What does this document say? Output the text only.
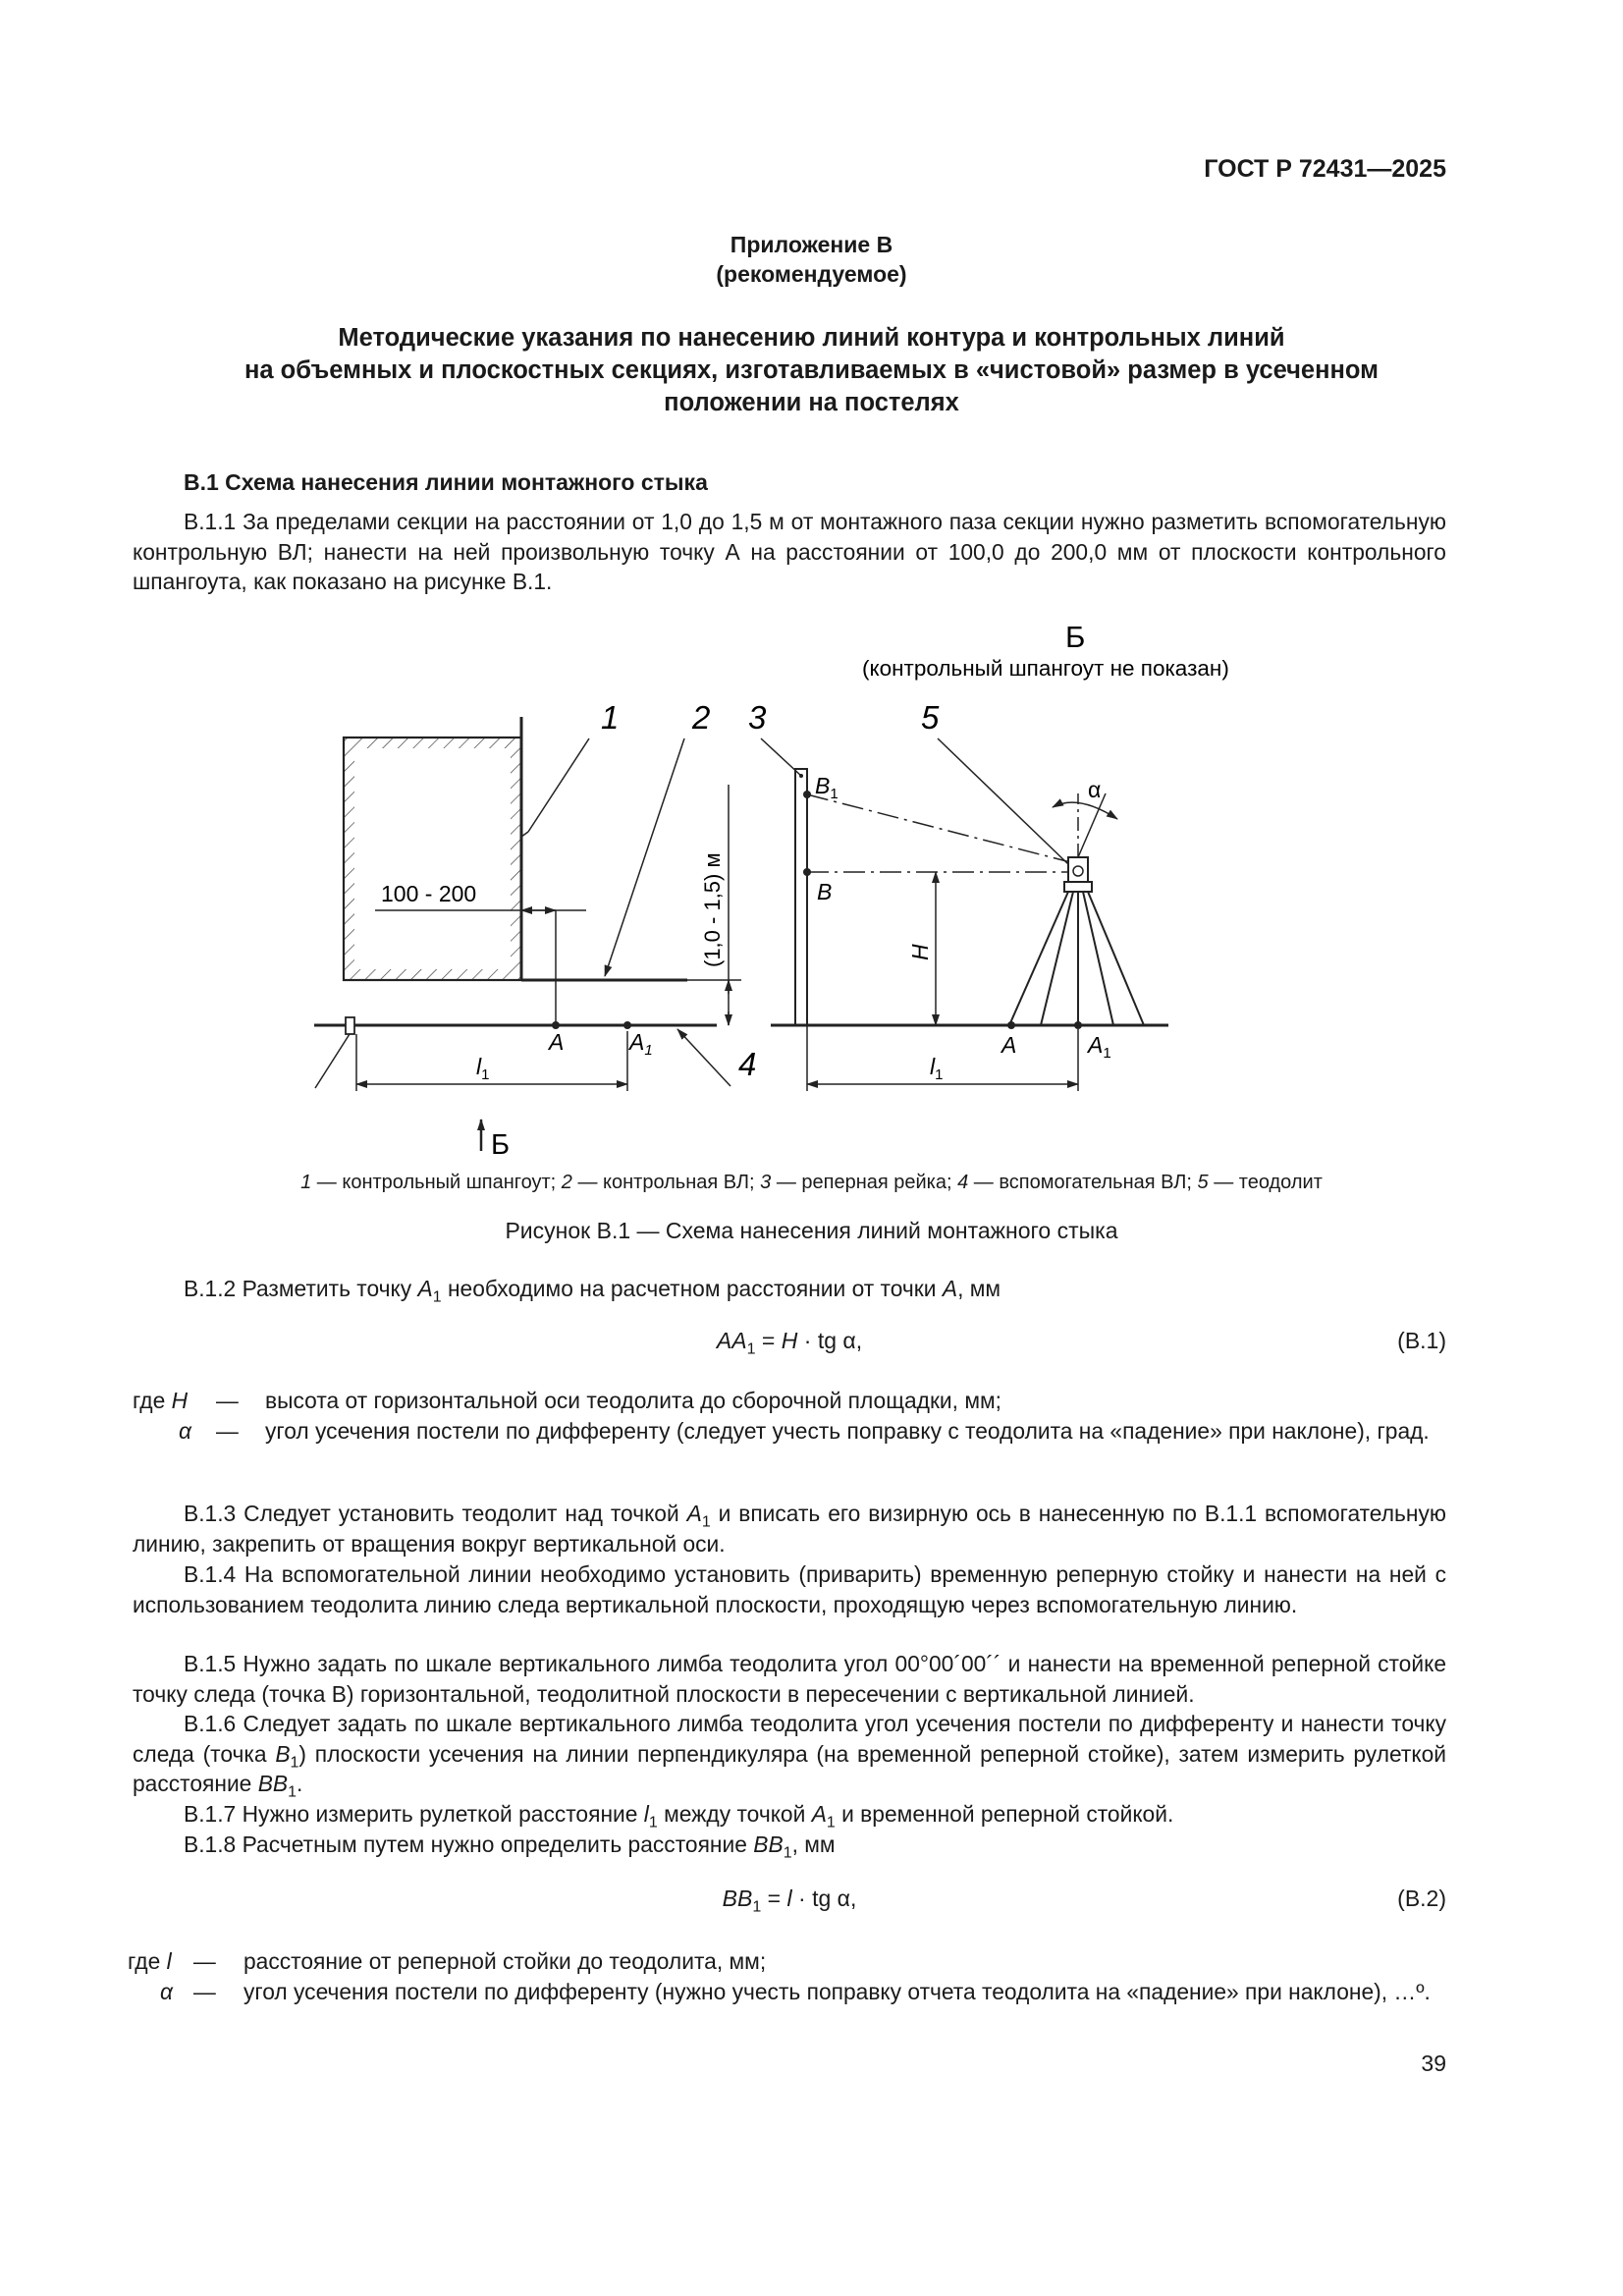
ГОСТ Р 72431—2025
Приложение В
(рекомендуемое)
Методические указания по нанесению линий контура и контрольных линий
на объемных и плоскостных секциях, изготавливаемых в «чистовой» размер в усеченном
положении на постелях
В.1 Схема нанесения линии монтажного стыка

В.1.1 За пределами секции на расстоянии от 1,0 до 1,5 м от монтажного паза секции нужно разметить вспомогательную контрольную ВЛ; нанести на ней произвольную точку А на расстоянии от 100,0 до 200,0 мм от плоскости контрольного шпангоута, как показано на рисунке В.1.

100 - 200	(1,0 - 1,5) м
A	$A_1$
$l_1$
Б
1 2
4
Б
(контрольный шпангоут не показан)
3
$B_1$
B
H
5
α
A	$A_1$
$l_1$
1 — контрольный шпангоут; 2 — контрольная ВЛ; 3 — реперная рейка; 4 — вспомогательная ВЛ; 5 — теодолит
Рисунок В.1 — Схема нанесения линий монтажного стыка

В.1.2 Разметить точку $A_1$ необходимо на расчетном расстоянии от точки A, мм

$AA_1 = H$ · tg α,	(В.1)
где H — высота от горизонтальной оси теодолита до сборочной площадки, мм;
α — угол усечения постели по дифференту (следует учесть поправку с теодолита на «падение» при наклоне), град.

В.1.3 Следует установить теодолит над точкой $A_1$ и вписать его визирную ось в нанесенную по В.1.1 вспомогательную линию, закрепить от вращения вокруг вертикальной оси.

В.1.4 На вспомогательной линии необходимо установить (приварить) временную реперную стойку и нанести на ней с использованием теодолита линию следа вертикальной плоскости, проходящую через вспомогательную линию.

В.1.5 Нужно задать по шкале вертикального лимба теодолита угол 00°00´00´´ и нанести на временной реперной стойке точку следа (точка В) горизонтальной, теодолитной плоскости в пересечении с вертикальной линией.

В.1.6 Следует задать по шкале вертикального лимба теодолита угол усечения постели по дифференту и нанести точку следа (точка $B_1$) плоскости усечения на линии перпендикуляра (на временной реперной стойке), затем измерить рулеткой расстояние $BB_1$.

В.1.7 Нужно измерить рулеткой расстояние $l_1$ между точкой $A_1$ и временной реперной стойкой.

В.1.8 Расчетным путем нужно определить расстояние $BB_1$, мм

$BB_1 = l$ · tg α,	(В.2)
где l — расстояние от реперной стойки до теодолита, мм;
α — угол усечения постели по дифференту (нужно учесть поправку отчета теодолита на «падение» при наклоне), …º.
39
